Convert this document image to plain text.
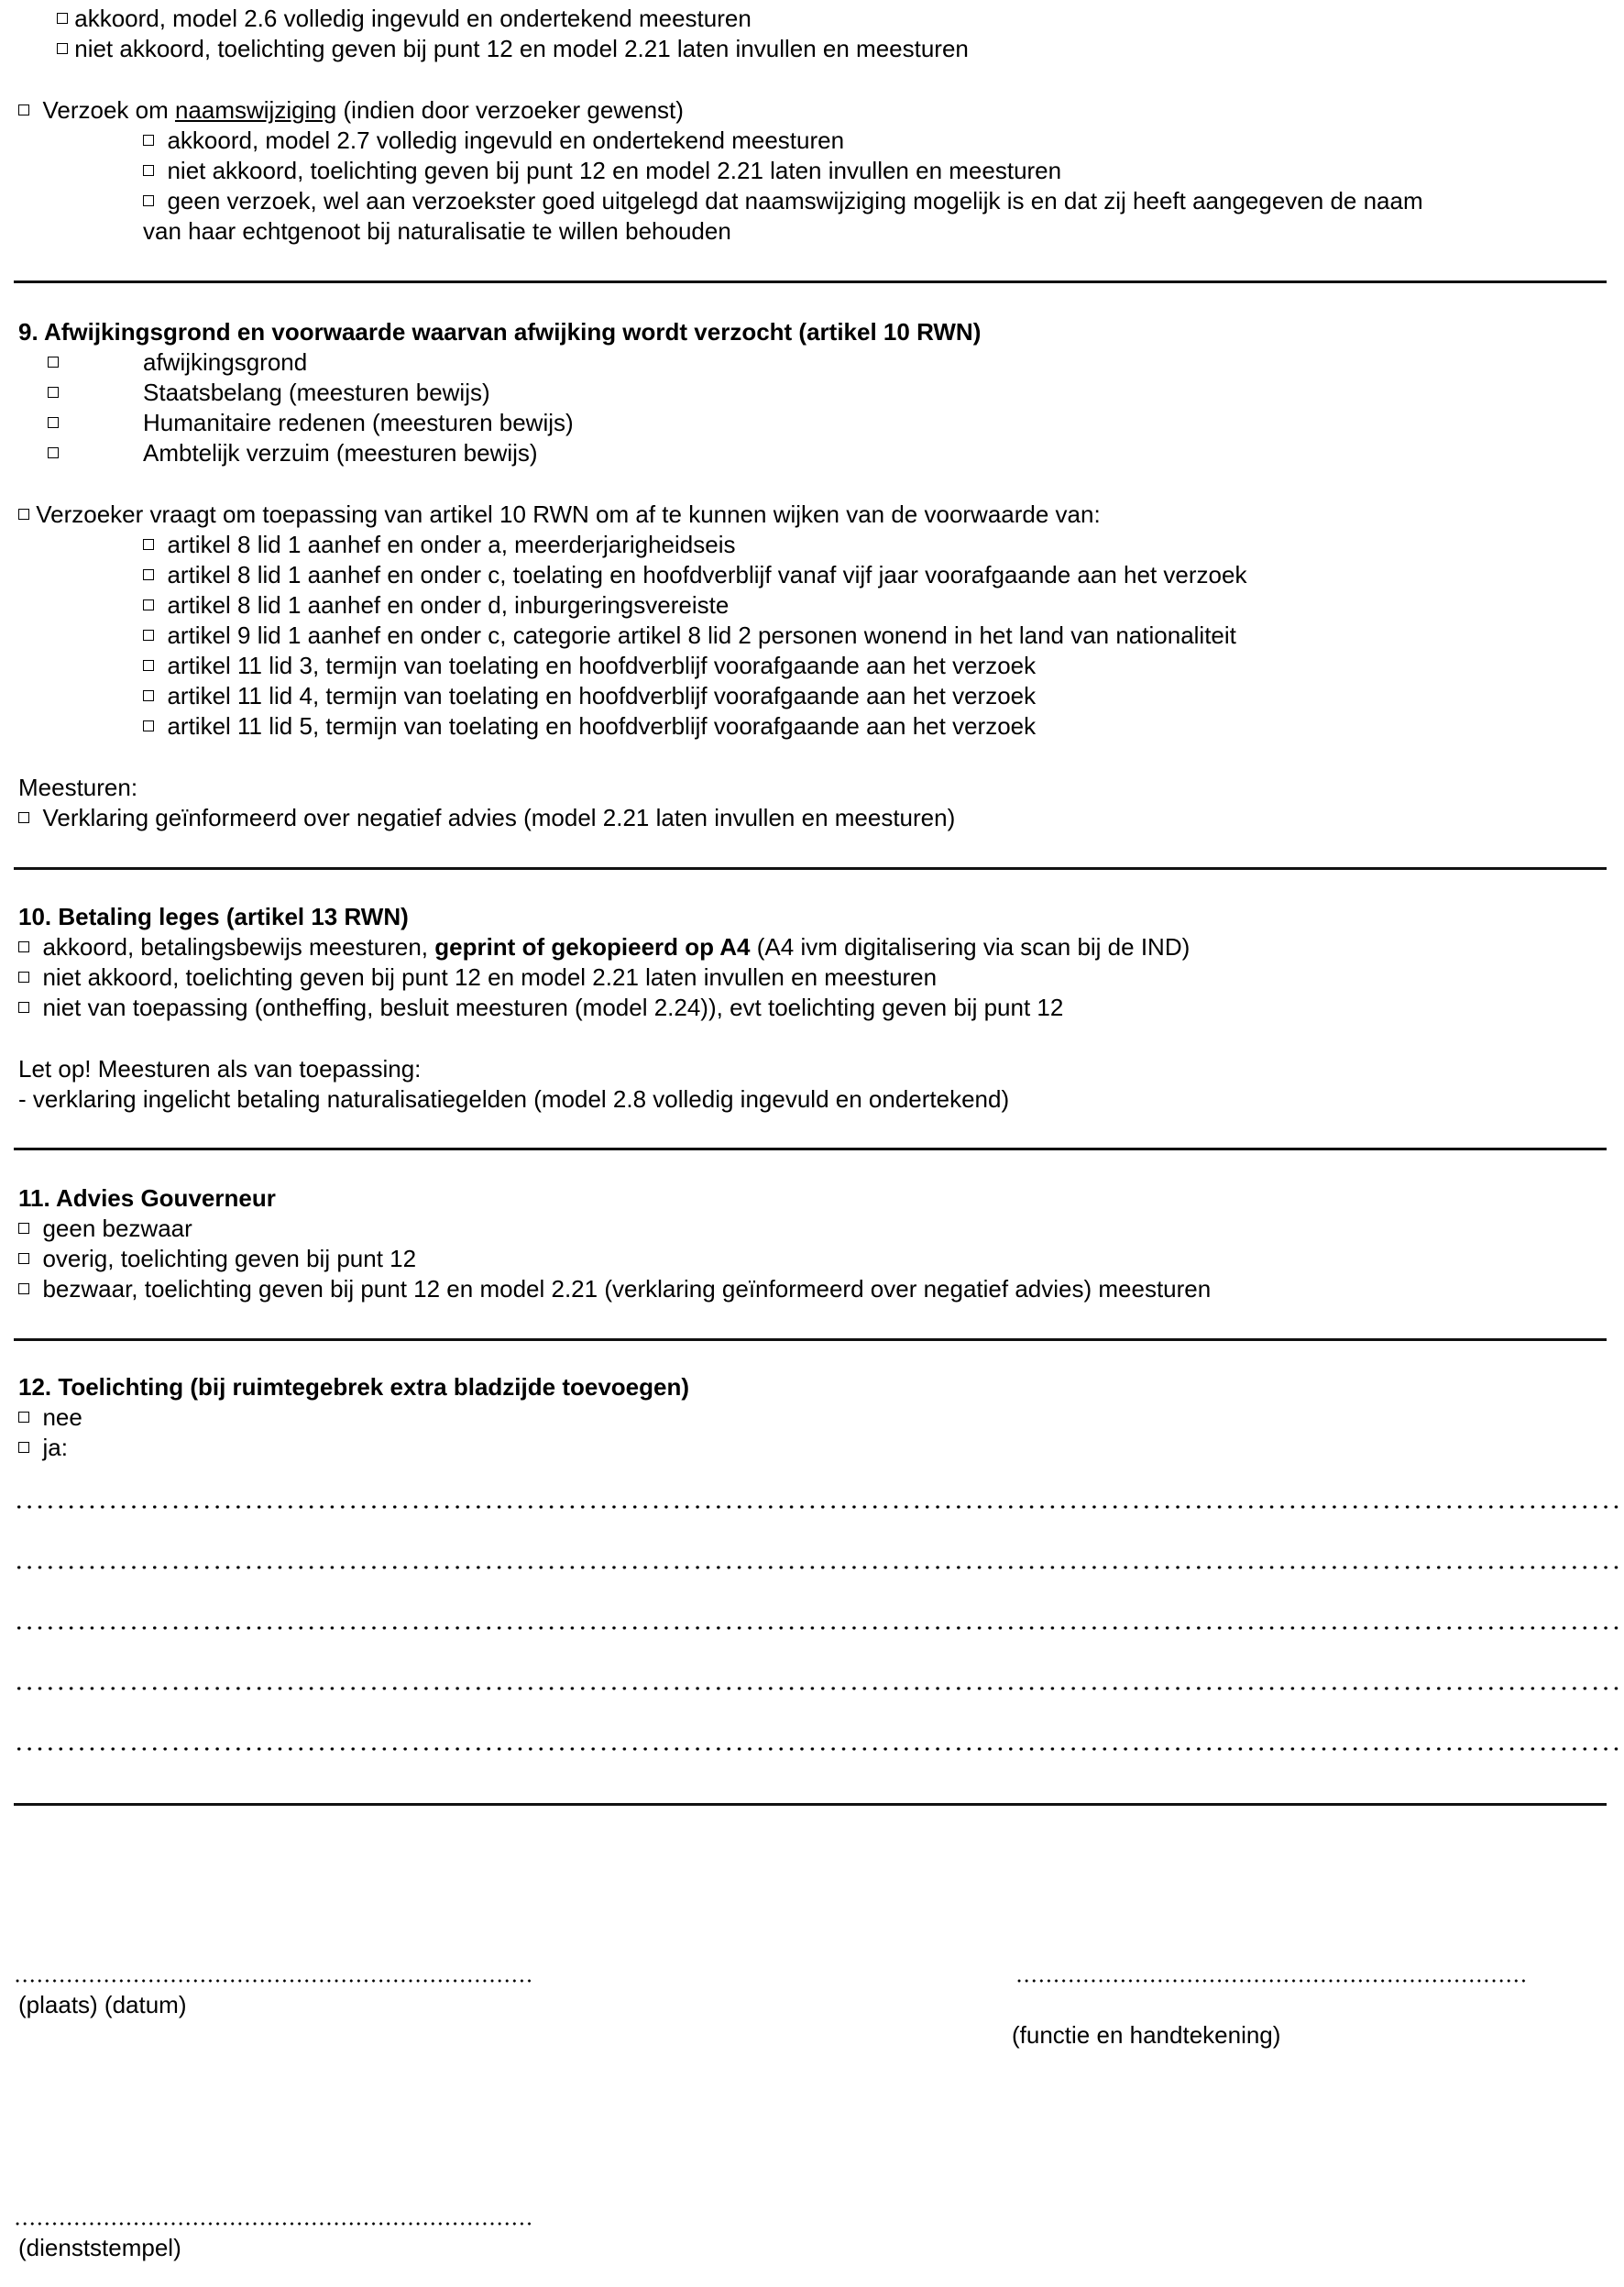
akkoord, model 2.6 volledig ingevuld en ondertekend meesturen
niet akkoord, toelichting geven bij punt 12 en model 2.21 laten invullen en meesturen
Verzoek om naamswijziging (indien door verzoeker gewenst)
akkoord, model 2.7 volledig ingevuld en ondertekend meesturen
niet akkoord, toelichting geven bij punt 12 en model 2.21 laten invullen en meesturen
geen verzoek, wel aan verzoekster goed uitgelegd dat naamswijziging mogelijk is en dat zij heeft aangegeven de naam
van haar echtgenoot bij naturalisatie te willen behouden
9. Afwijkingsgrond en voorwaarde waarvan afwijking wordt verzocht (artikel 10 RWN)
afwijkingsgrond
Staatsbelang (meesturen bewijs)
Humanitaire redenen (meesturen bewijs)
Ambtelijk verzuim (meesturen bewijs)
Verzoeker vraagt om toepassing van artikel 10 RWN om af te kunnen wijken van de voorwaarde van:
artikel 8 lid 1 aanhef en onder a, meerderjarigheidseis
artikel 8 lid 1 aanhef en onder c, toelating en hoofdverblijf vanaf vijf jaar voorafgaande aan het verzoek
artikel 8 lid 1 aanhef en onder d, inburgeringsvereiste
artikel 9 lid 1 aanhef en onder c, categorie artikel 8 lid 2 personen wonend in het land van nationaliteit
artikel 11 lid 3, termijn van toelating en hoofdverblijf voorafgaande aan het verzoek
artikel 11 lid 4, termijn van toelating en hoofdverblijf voorafgaande aan het verzoek
artikel 11 lid 5, termijn van toelating en hoofdverblijf voorafgaande aan het verzoek
Meesturen:
Verklaring geïnformeerd over negatief advies (model 2.21 laten invullen en meesturen)
10. Betaling leges (artikel 13 RWN)
akkoord, betalingsbewijs meesturen, geprint of gekopieerd op A4 (A4 ivm digitalisering via scan bij de IND)
niet akkoord, toelichting geven bij punt 12 en model 2.21 laten invullen en meesturen
niet van toepassing (ontheffing, besluit meesturen (model 2.24)), evt toelichting geven bij punt 12
Let op! Meesturen als van toepassing:
- verklaring ingelicht betaling naturalisatiegelden (model 2.8 volledig ingevuld en ondertekend)
11. Advies Gouverneur
geen bezwaar
overig, toelichting geven bij punt 12
bezwaar, toelichting geven bij punt 12 en model 2.21 (verklaring geïnformeerd over negatief advies) meesturen
12. Toelichting (bij ruimtegebrek extra bladzijde toevoegen)
nee
ja:
(plaats) (datum)
(functie en handtekening)
(dienststempel)
